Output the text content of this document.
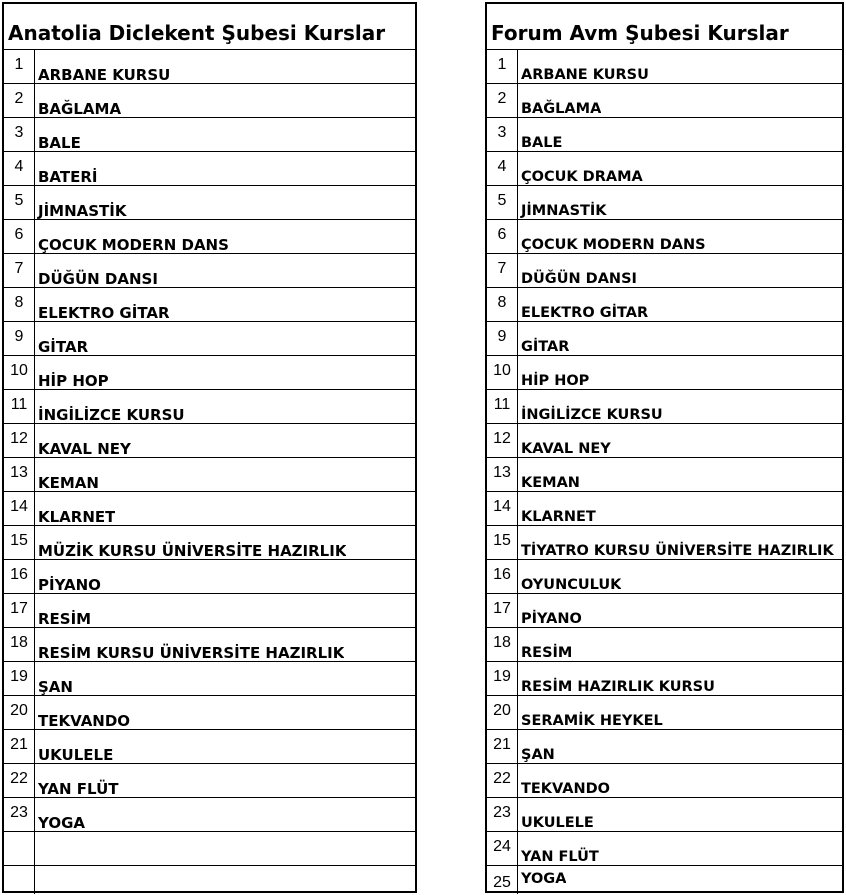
Anatolia Diclekent Şubesi Kurslar
1
ARBANE KURSU
2
BAĞLAMA
3
BALE
4
BATERİ
5
JİMNASTİK
6
ÇOCUK MODERN DANS
7
DÜĞÜN DANSI
8
ELEKTRO GİTAR
9
GİTAR
10
HİP HOP
11
İNGİLİZCE KURSU
12
KAVAL NEY
13
KEMAN
14
KLARNET
15
MÜZİK KURSU ÜNİVERSİTE HAZIRLIK
16
PİYANO
17
RESİM
18
RESİM KURSU ÜNİVERSİTE HAZIRLIK
19
ŞAN
20
TEKVANDO
21
UKULELE
22
YAN FLÜT
23
YOGA
Forum Avm Şubesi Kurslar
1
ARBANE KURSU
2
BAĞLAMA
3
BALE
4
ÇOCUK DRAMA
5
JİMNASTİK
6
ÇOCUK MODERN DANS
7
DÜĞÜN DANSI
8
ELEKTRO GİTAR
9
GİTAR
10
HİP HOP
11
İNGİLİZCE KURSU
12
KAVAL NEY
13
KEMAN
14
KLARNET
15
TİYATRO KURSU ÜNİVERSİTE HAZIRLIK
16
OYUNCULUK
17
PİYANO
18
RESİM
19
RESİM HAZIRLIK KURSU
20
SERAMİK HEYKEL
21
ŞAN
22
TEKVANDO
23
UKULELE
24
YAN FLÜT
25 YOGA
